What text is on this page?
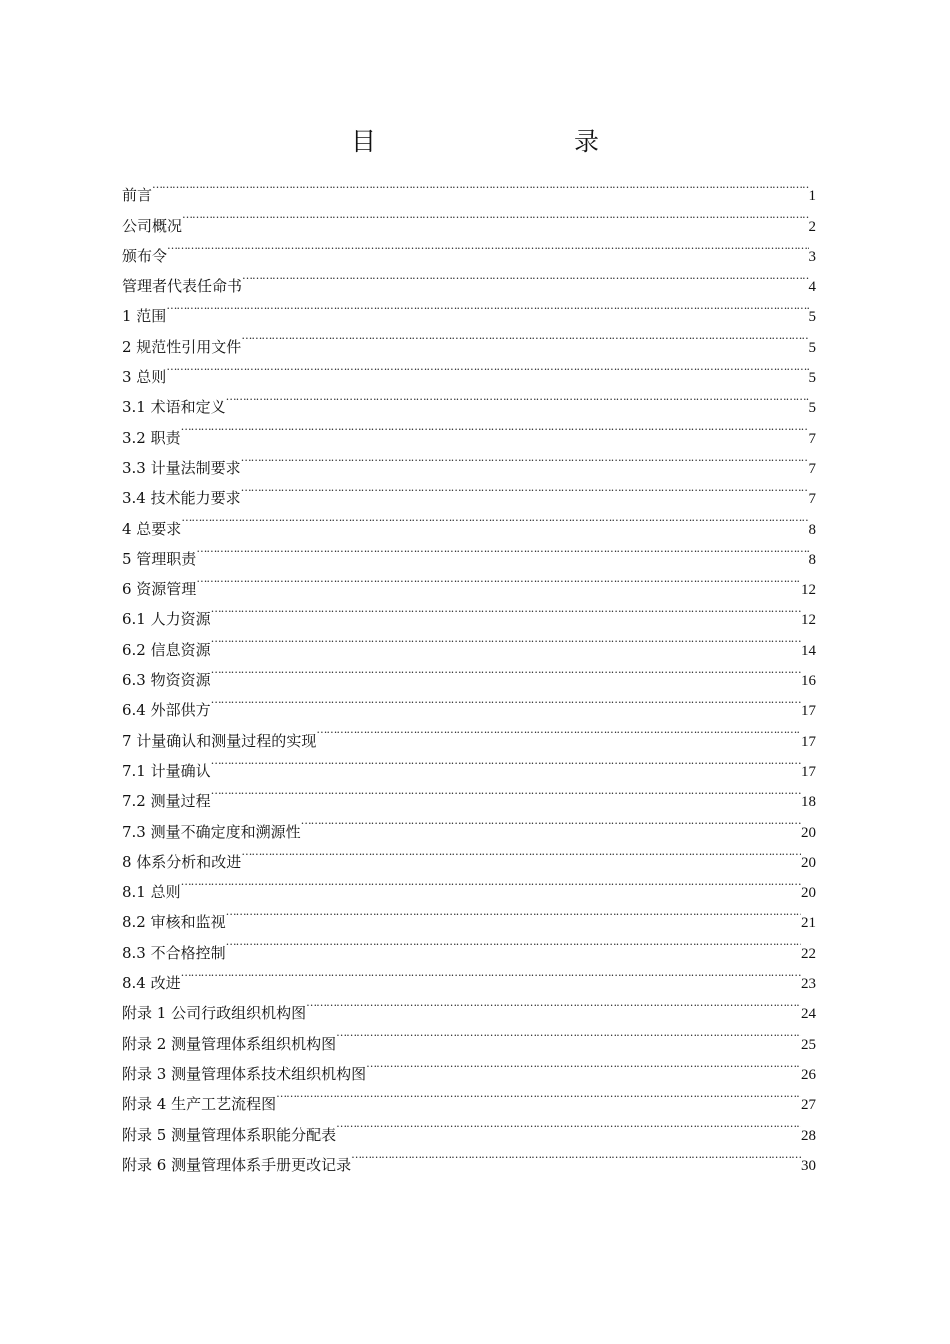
目 录
前言 ………………………………………………………………………………………………………………………………………………………………………………………………………………………………	1
公司概况 ………………………………………………………………………………………………………………………………………………………………………………………………………………………………	2
颁布令 ………………………………………………………………………………………………………………………………………………………………………………………………………………………………	3
管理者代表任命书 ………………………………………………………………………………………………………………………………………………………………………………………………………………………………	4
1 范围 ………………………………………………………………………………………………………………………………………………………………………………………………………………………………	5
2 规范性引用文件 ………………………………………………………………………………………………………………………………………………………………………………………………………………………………	5
3 总则 ………………………………………………………………………………………………………………………………………………………………………………………………………………………………	5
3.1 术语和定义 ………………………………………………………………………………………………………………………………………………………………………………………………………………………………	5
3.2 职责 ………………………………………………………………………………………………………………………………………………………………………………………………………………………………	7
3.3 计量法制要求 ………………………………………………………………………………………………………………………………………………………………………………………………………………………………	7
3.4 技术能力要求 ………………………………………………………………………………………………………………………………………………………………………………………………………………………………	7
4 总要求 ………………………………………………………………………………………………………………………………………………………………………………………………………………………………	8
5 管理职责 ………………………………………………………………………………………………………………………………………………………………………………………………………………………………	8
6 资源管理 ………………………………………………………………………………………………………………………………………………………………………………………………………………………………	12
6.1 人力资源 ………………………………………………………………………………………………………………………………………………………………………………………………………………………………	12
6.2 信息资源 ………………………………………………………………………………………………………………………………………………………………………………………………………………………………	14
6.3 物资资源 ………………………………………………………………………………………………………………………………………………………………………………………………………………………………	16
6.4 外部供方 ………………………………………………………………………………………………………………………………………………………………………………………………………………………………	17
7 计量确认和测量过程的实现 ………………………………………………………………………………………………………………………………………………………………………………………………………………………………	17
7.1 计量确认 ………………………………………………………………………………………………………………………………………………………………………………………………………………………………	17
7.2 测量过程 ………………………………………………………………………………………………………………………………………………………………………………………………………………………………	18
7.3 测量不确定度和溯源性 ………………………………………………………………………………………………………………………………………………………………………………………………………………………………	20
8 体系分析和改进 ………………………………………………………………………………………………………………………………………………………………………………………………………………………………	20
8.1 总则 ………………………………………………………………………………………………………………………………………………………………………………………………………………………………	20
8.2 审核和监视 ………………………………………………………………………………………………………………………………………………………………………………………………………………………………	21
8.3 不合格控制 ………………………………………………………………………………………………………………………………………………………………………………………………………………………………	22
8.4 改进 ………………………………………………………………………………………………………………………………………………………………………………………………………………………………	23
附录 1 公司行政组织机构图 ………………………………………………………………………………………………………………………………………………………………………………………………………………………………	24
附录 2 测量管理体系组织机构图 ………………………………………………………………………………………………………………………………………………………………………………………………………………………………	25
附录 3 测量管理体系技术组织机构图 ………………………………………………………………………………………………………………………………………………………………………………………………………………………………	26
附录 4 生产工艺流程图 ………………………………………………………………………………………………………………………………………………………………………………………………………………………………	27
附录 5 测量管理体系职能分配表 ………………………………………………………………………………………………………………………………………………………………………………………………………………………………	28
附录 6 测量管理体系手册更改记录 ………………………………………………………………………………………………………………………………………………………………………………………………………………………………	30
